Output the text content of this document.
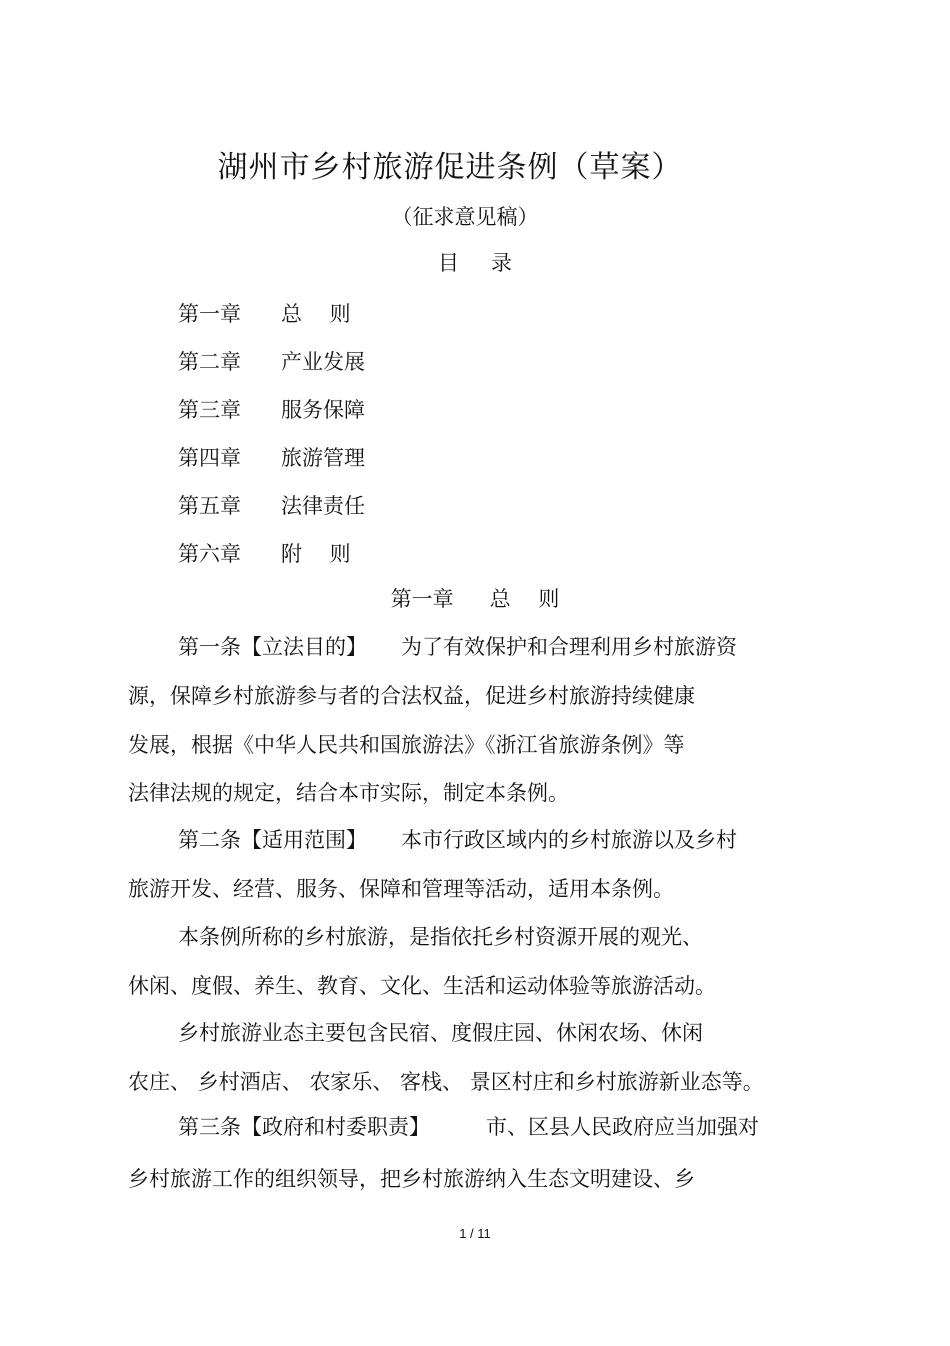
湖州市乡村旅游促进条例（草案）
（征求意见稿）
目 录
第一章	总　 则
第二章	产业发展
第三章	服务保障
第四章	旅游管理
第五章	法律责任
第六章	附　 则
第一章 总　 则
第一条【立法目的】 为了有效保护和合理利用乡村旅游资
源，保障乡村旅游参与者的合法权益，促进乡村旅游持续健康
发展，根据《中华人民共和国旅游法》《浙江省旅游条例》等
法律法规的规定，结合本市实际，制定本条例。
第二条【适用范围】 本市行政区域内的乡村旅游以及乡村
旅游开发、经营、服务、保障和管理等活动，适用本条例。
本条例所称的乡村旅游，是指依托乡村资源开展的观光、
休闲、度假、养生、教育、文化、生活和运动体验等旅游活动。
乡村旅游业态主要包含民宿、度假庄园、休闲农场、休闲
农庄、 乡村酒店、 农家乐、 客栈、 景区村庄和乡村旅游新业态等。
第三条【政府和村委职责】	市、区县人民政府应当加强对
乡村旅游工作的组织领导，把乡村旅游纳入生态文明建设、乡
1 / 11
